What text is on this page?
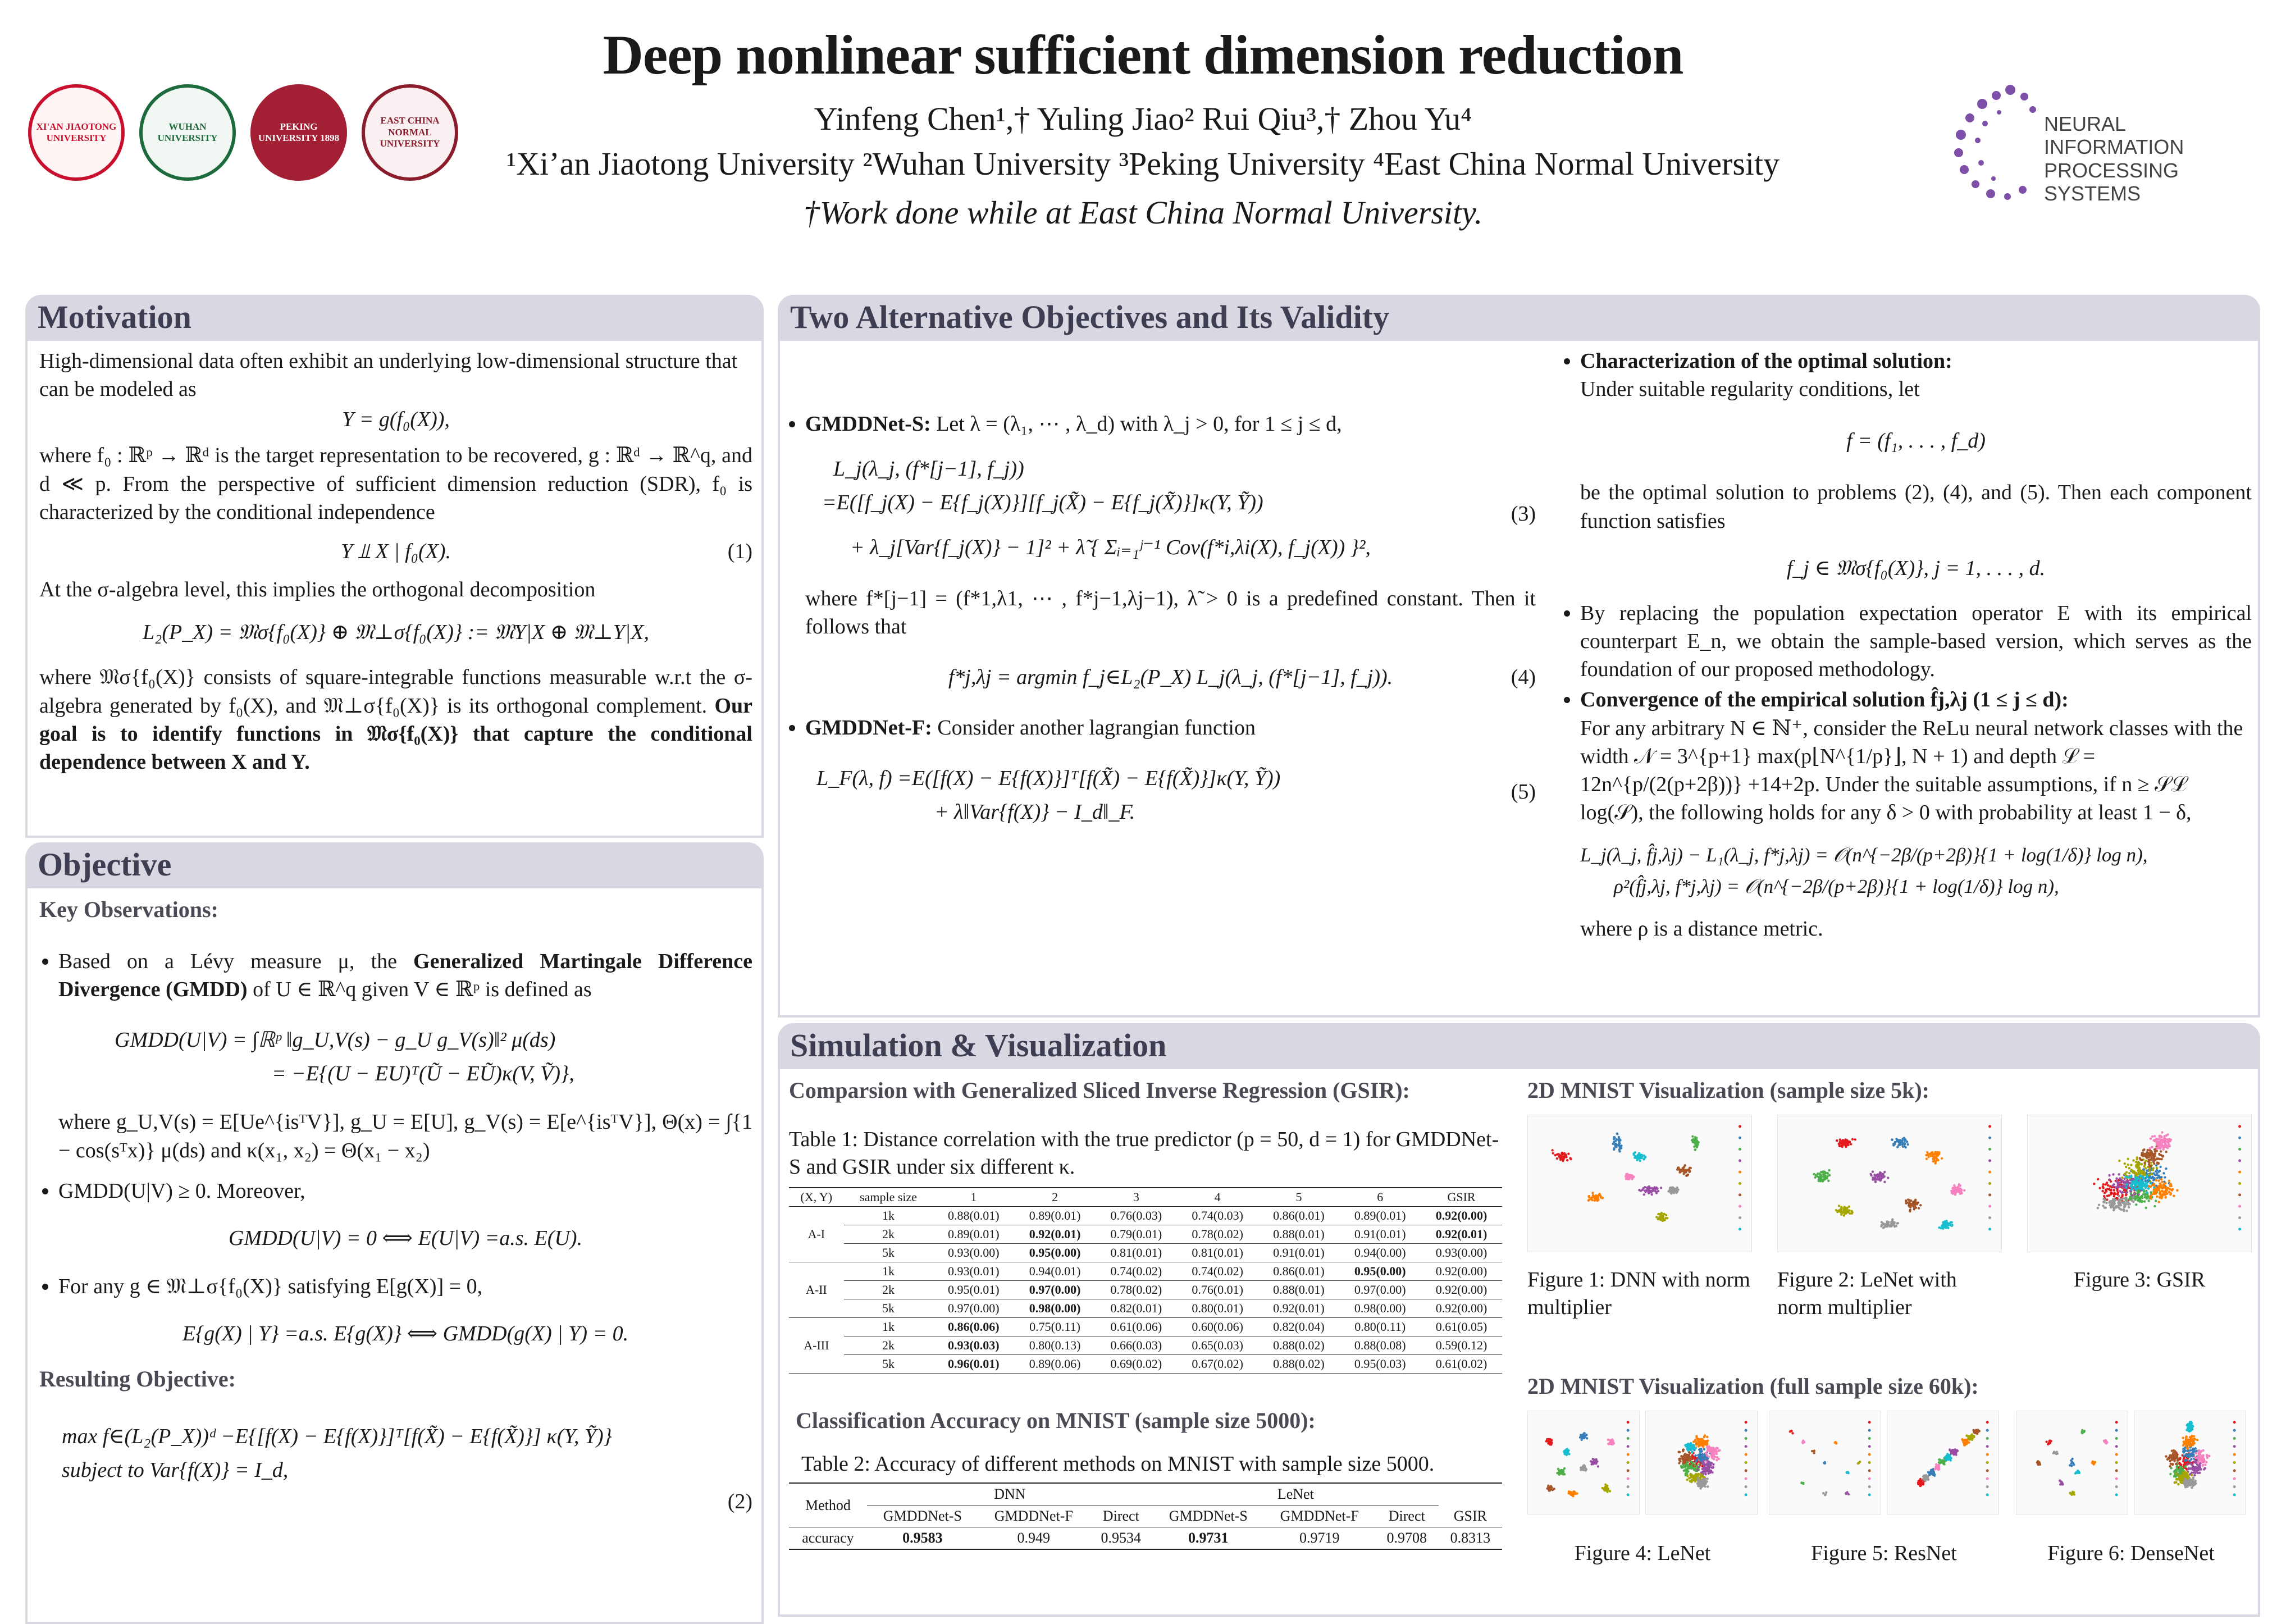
XI'AN JIAOTONG UNIVERSITY
WUHAN UNIVERSITY
PEKING UNIVERSITY 1898
EAST CHINA NORMAL UNIVERSITY
Deep nonlinear sufficient dimension reduction
Yinfeng Chen¹,† Yuling Jiao² Rui Qiu³,† Zhou Yu⁴
¹Xi’an Jiaotong University ²Wuhan University ³Peking University ⁴East China Normal University
†Work done while at East China Normal University.
NEURAL INFORMATION
PROCESSING SYSTEMS
Motivation

High-dimensional data often exhibit an underlying low-dimensional structure that can be modeled as

Y = g(f₀(X)),

where f₀ : ℝᵖ → ℝᵈ is the target representation to be recovered, g : ℝᵈ → ℝ^q, and d ≪ p. From the perspective of sufficient dimension reduction (SDR), f₀ is characterized by the conditional independence

Y ⫫ X | f₀(X).	(1)

At the σ-algebra level, this implies the orthogonal decomposition

L₂(P_X) = 𝔐σ{f₀(X)} ⊕ 𝔐⊥σ{f₀(X)} := 𝔐Y|X ⊕ 𝔐⊥Y|X,

where 𝔐σ{f₀(X)} consists of square-integrable functions measurable w.r.t the σ-algebra generated by f₀(X), and 𝔐⊥σ{f₀(X)} is its orthogonal complement. Our goal is to identify functions in 𝔐σ{f₀(X)} that capture the conditional dependence between X and Y.

Objective
Key Observations:
• Based on a Lévy measure μ, the Generalized Martingale Difference Divergence (GMDD) of U ∈ ℝ^q given V ∈ ℝᵖ is defined as
GMDD(U|V) = ∫ℝᵖ ‖g_U,V(s) − g_U g_V(s)‖² μ(ds)
= −E{(U − EU)ᵀ(Ũ − EŨ)κ(V, Ṽ)},
where g_U,V(s) = E[Ue^{isᵀV}], g_U = E[U], g_V(s) = E[e^{isᵀV}], Θ(x) = ∫{1 − cos(sᵀx)} μ(ds) and κ(x₁, x₂) = Θ(x₁ − x₂)
• GMDD(U|V) ≥ 0. Moreover,
GMDD(U|V) = 0 ⟺ E(U|V) =a.s. E(U).
• For any g ∈ 𝔐⊥σ{f₀(X)} satisfying E[g(X)] = 0,
E{g(X) | Y} =a.s. E{g(X)} ⟺ GMDD(g(X) | Y) = 0.
Resulting Objective:
max f∈(L₂(P_X))ᵈ −E{[f(X) − E{f(X)}]ᵀ[f(X̃) − E{f(X̃)}] κ(Y, Ỹ)}
subject to Var{f(X)} = I_d,
(2)
Two Alternative Objectives and Its Validity
• GMDDNet-S: Let λ = (λ₁, ⋯ , λ_d) with λ_j > 0, for 1 ≤ j ≤ d,
L_j(λ_j, (f*[j−1], f_j))
=E([f_j(X) − E{f_j(X)}][f_j(X̃) − E{f_j(X̃)}]κ(Y, Ỹ))
+ λ_j[Var{f_j(X)} − 1]² + λ̃ { Σᵢ₌₁ʲ⁻¹ Cov(f*i,λi(X), f_j(X)) }²,
(3)
where f*[j−1] = (f*1,λ1, ⋯ , f*j−1,λj−1), λ̃ > 0 is a predefined constant. Then it follows that
f*j,λj = argmin f_j∈L₂(P_X) L_j(λ_j, (f*[j−1], f_j)).	(4)
• GMDDNet-F: Consider another lagrangian function
L_F(λ, f) =E([f(X) − E{f(X)}]ᵀ[f(X̃) − E{f(X̃)}]κ(Y, Ỹ))
+ λ‖Var{f(X)} − I_d‖_F.
(5)
• Characterization of the optimal solution:
Under suitable regularity conditions, let
f = (f₁, . . . , f_d)
be the optimal solution to problems (2), (4), and (5). Then each component function satisfies
f_j ∈ 𝔐σ{f₀(X)}, j = 1, . . . , d.
• By replacing the population expectation operator E with its empirical counterpart E_n, we obtain the sample-based version, which serves as the foundation of our proposed methodology.
• Convergence of the empirical solution f̂j,λj (1 ≤ j ≤ d):
For any arbitrary N ∈ ℕ⁺, consider the ReLu neural network classes with the width 𝒩 = 3^{p+1} max(p⌊N^{1/p}⌋, N + 1) and depth ℒ = 12n^{p/(2(p+2β))} +14+2p. Under the suitable assumptions, if n ≥ 𝒮ℒ log(𝒮), the following holds for any δ > 0 with probability at least 1 − δ,
L_j(λ_j, f̂j,λj) − L₁(λ_j, f*j,λj) = 𝒪(n^{−2β/(p+2β)}{1 + log(1/δ)} log n),
ρ²(f̂j,λj, f*j,λj) = 𝒪(n^{−2β/(p+2β)}{1 + log(1/δ)} log n),
where ρ is a distance metric.
Simulation & Visualization
Comparsion with Generalized Sliced Inverse Regression (GSIR):
Table 1: Distance correlation with the true predictor (p = 50, d = 1) for GMDDNet-S and GSIR under six different κ.
(X, Y)	sample size	1	2	3	4	5	6	GSIR
A-I	1k	0.88(0.01)	0.89(0.01)	0.76(0.03)	0.74(0.03)	0.86(0.01)	0.89(0.01)	0.92(0.00)
	2k	0.89(0.01)	0.92(0.01)	0.79(0.01)	0.78(0.02)	0.88(0.01)	0.91(0.01)	0.92(0.01)
	5k	0.93(0.00)	0.95(0.00)	0.81(0.01)	0.81(0.01)	0.91(0.01)	0.94(0.00)	0.93(0.00)
A-II	1k	0.93(0.01)	0.94(0.01)	0.74(0.02)	0.74(0.02)	0.86(0.01)	0.95(0.00)	0.92(0.00)
	2k	0.95(0.01)	0.97(0.00)	0.78(0.02)	0.76(0.01)	0.88(0.01)	0.97(0.00)	0.92(0.00)
	5k	0.97(0.00)	0.98(0.00)	0.82(0.01)	0.80(0.01)	0.92(0.01)	0.98(0.00)	0.92(0.00)
A-III	1k	0.86(0.06)	0.75(0.11)	0.61(0.06)	0.60(0.06)	0.82(0.04)	0.80(0.11)	0.61(0.05)
	2k	0.93(0.03)	0.80(0.13)	0.66(0.03)	0.65(0.03)	0.88(0.02)	0.88(0.08)	0.59(0.12)
	5k	0.96(0.01)	0.89(0.06)	0.69(0.02)	0.67(0.02)	0.88(0.02)	0.95(0.03)	0.61(0.02)
Classification Accuracy on MNIST (sample size 5000):
Table 2: Accuracy of different methods on MNIST with sample size 5000.
Method	DNN			LeNet			
	GMDDNet-S	GMDDNet-F	Direct	GMDDNet-S	GMDDNet-F	Direct	GSIR
accuracy	0.9583	0.949	0.9534	0.9731	0.9719	0.9708	0.8313
2D MNIST Visualization (sample size 5k):
Figure 1: DNN with norm multiplier
Figure 2: LeNet with norm multiplier
Figure 3: GSIR
2D MNIST Visualization (full sample size 60k):
Figure 4: LeNet	Figure 5: ResNet	Figure 6: DenseNet
